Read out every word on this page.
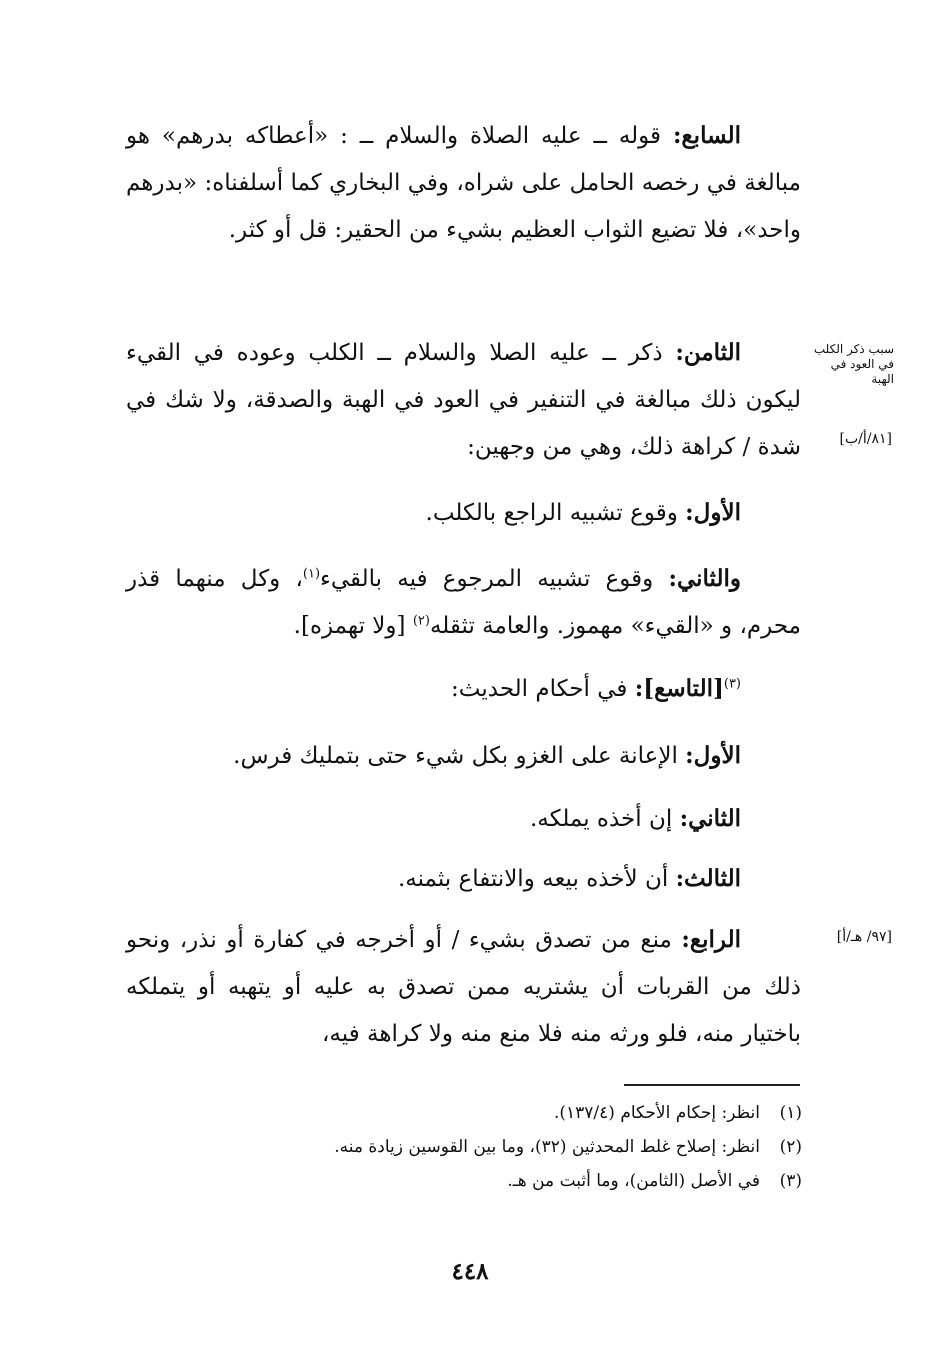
السابع: قوله ــ عليه الصلاة والسلام ــ : «أعطاكه بدرهم» هو مبالغة في رخصه الحامل على شراه، وفي البخاري كما أسلفناه: «بدرهم واحد»، فلا تضيع الثواب العظيم بشيء من الحقير: قل أو كثر.

الثامن: ذكر ــ عليه الصلا والسلام ــ الكلب وعوده في القيء ليكون ذلك مبالغة في التنفير في العود في الهبة والصدقة، ولا شك في شدة / كراهة ذلك، وهي من وجهين:

الأول: وقوع تشبيه الراجع بالكلب.

والثاني: وقوع تشبيه المرجوع فيه بالقيء$^{(١)}$، وكل منهما قذر محرم، و «القيء» مهموز. والعامة تثقله$^{(٢)}$ [ولا تهمزه].

$^{(٣)}$[التاسع]: في أحكام الحديث:

الأول: الإعانة على الغزو بكل شيء حتى بتمليك فرس.

الثاني: إن أخذه يملكه.

الثالث: أن لأخذه بيعه والانتفاع بثمنه.

الرابع: منع من تصدق بشيء / أو أخرجه في كفارة أو نذر، ونحو ذلك من القربات أن يشتريه ممن تصدق به عليه أو يتهبه أو يتملكه باختيار منه، فلو ورثه منه فلا منع منه ولا كراهة فيه،

سبب ذكر الكلب في العود في الهبة
[٨١/أ/ب]
[٩٧/ هـ/أ]

(١)انظر: إحكام الأحكام (١٣٧/٤).

(٢)انظر: إصلاح غلط المحدثين (٣٢)، وما بين القوسين زيادة منه.

(٣)في الأصل (الثامن)، وما أثبت من هـ.

٤٤٨
